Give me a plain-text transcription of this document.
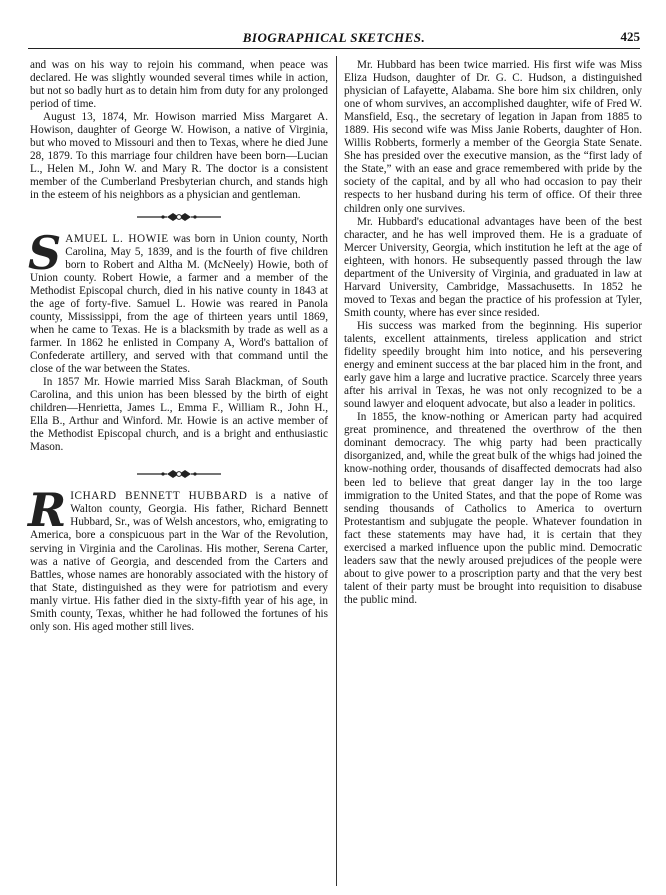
BIOGRAPHICAL SKETCHES.	425

and was on his way to rejoin his command, when peace was declared. He was slightly wounded several times while in action, but not so badly hurt as to detain him from duty for any prolonged period of time.

August 13, 1874, Mr. Howison married Miss Margaret A. Howison, daughter of George W. Howison, a native of Virginia, but who moved to Missouri and then to Texas, where he died June 28, 1879. To this marriage four children have been born—Lucian L., Helen M., John W. and Mary R. The doctor is a consistent member of the Cumberland Presbyterian church, and stands high in the esteem of his neighbors as a physician and gentleman.

SAMUEL L. HOWIE was born in Union county, North Carolina, May 5, 1839, and is the fourth of five children born to Robert and Altha M. (McNeely) Howie, both of Union county. Robert Howie, a farmer and a member of the Methodist Episcopal church, died in his native county in 1843 at the age of forty-five. Samuel L. Howie was reared in Panola county, Mississippi, from the age of thirteen years until 1869, when he came to Texas. He is a blacksmith by trade as well as a farmer. In 1862 he enlisted in Company A, Word's battalion of Confederate artillery, and served with that command until the close of the war between the States.

In 1857 Mr. Howie married Miss Sarah Blackman, of South Carolina, and this union has been blessed by the birth of eight children—Henrietta, James L., Emma F., William R., John H., Ella B., Arthur and Winford. Mr. Howie is an active member of the Methodist Episcopal church, and is a bright and enthusiastic Mason.

RICHARD BENNETT HUBBARD is a native of Walton county, Georgia. His father, Richard Bennett Hubbard, Sr., was of Welsh ancestors, who, emigrating to America, bore a conspicuous part in the War of the Revolution, serving in Virginia and the Carolinas. His mother, Serena Carter, was a native of Georgia, and descended from the Carters and Battles, whose names are honorably associated with the history of that State, distinguished as they were for patriotism and every manly virtue. His father died in the sixty-fifth year of his age, in Smith county, Texas, whither he had followed the fortunes of his only son. His aged mother still lives.

Mr. Hubbard has been twice married. His first wife was Miss Eliza Hudson, daughter of Dr. G. C. Hudson, a distinguished physician of Lafayette, Alabama. She bore him six children, only one of whom survives, an accomplished daughter, wife of Fred W. Mansfield, Esq., the secretary of legation in Japan from 1885 to 1889. His second wife was Miss Janie Roberts, daughter of Hon. Willis Robberts, formerly a member of the Georgia State Senate. She has presided over the executive mansion, as the “first lady of the State,” with an ease and grace remembered with pride by the society of the capital, and by all who had occasion to pay their respects to her husband during his term of office. Of their three children only one survives.

Mr. Hubbard's educational advantages have been of the best character, and he has well improved them. He is a graduate of Mercer University, Georgia, which institution he left at the age of eighteen, with honors. He subsequently passed through the law department of the University of Virginia, and graduated in law at Harvard University, Cambridge, Massachusetts. In 1852 he moved to Texas and began the practice of his profession at Tyler, Smith county, where has ever since resided.

His success was marked from the beginning. His superior talents, excellent attainments, tireless application and strict fidelity speedily brought him into notice, and his persevering energy and eminent success at the bar placed him in the front, and early gave him a large and lucrative practice. Scarcely three years after his arrival in Texas, he was not only recognized to be a sound lawyer and eloquent advocate, but also a leader in politics.

In 1855, the know-nothing or American party had acquired great prominence, and threatened the overthrow of the then dominant democracy. The whig party had been practically disorganized, and, while the great bulk of the whigs had joined the know-nothing order, thousands of disaffected democrats had also been led to believe that great danger lay in the too large immigration to the United States, and that the pope of Rome was sending thousands of Catholics to America to overturn Protestantism and subjugate the people. Whatever foundation in fact these statements may have had, it is certain that they exercised a marked influence upon the public mind. Democratic leaders saw that the newly aroused prejudices of the people were about to give power to a proscription party and that the very best talent of their party must be brought into requisition to disabuse the public mind.
